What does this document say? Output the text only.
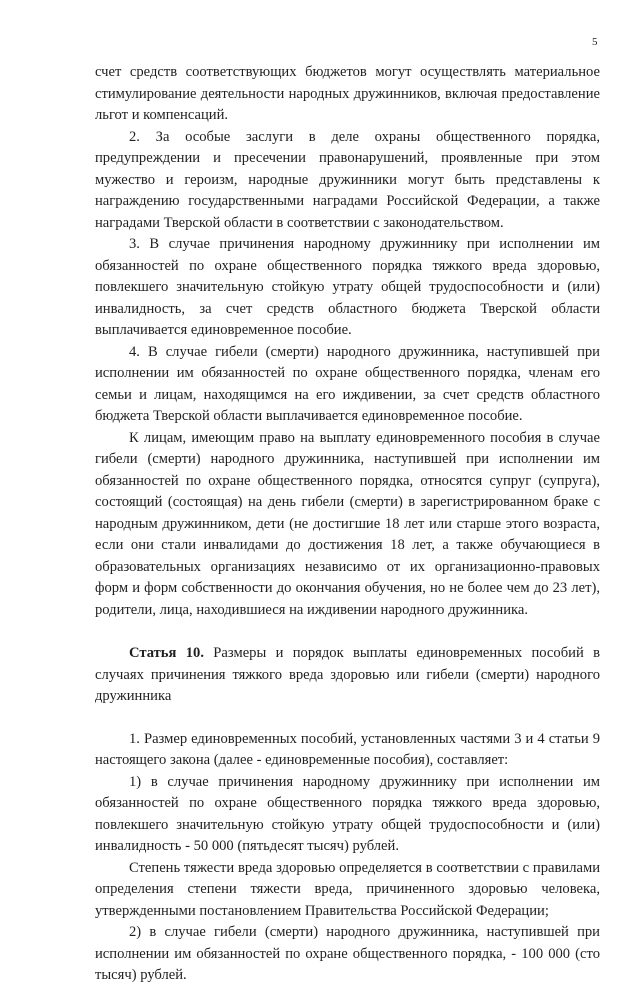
5

счет средств соответствующих бюджетов могут осуществлять материальное стимулирование деятельности народных дружинников, включая предоставление льгот и компенсаций.

2. За особые заслуги в деле охраны общественного порядка, предупреждении и пресечении правонарушений, проявленные при этом мужество и героизм, народные дружинники могут быть представлены к награждению государственными наградами Российской Федерации, а также наградами Тверской области в соответствии с законодательством.

3. В случае причинения народному дружиннику при исполнении им обязанностей по охране общественного порядка тяжкого вреда здоровью, повлекшего значительную стойкую утрату общей трудоспособности и (или) инвалидность, за счет средств областного бюджета Тверской области выплачивается единовременное пособие.

4. В случае гибели (смерти) народного дружинника, наступившей при исполнении им обязанностей по охране общественного порядка, членам его семьи и лицам, находящимся на его иждивении, за счет средств областного бюджета Тверской области выплачивается единовременное пособие.

К лицам, имеющим право на выплату единовременного пособия в случае гибели (смерти) народного дружинника, наступившей при исполнении им обязанностей по охране общественного порядка, относятся супруг (супруга), состоящий (состоящая) на день гибели (смерти) в зарегистрированном браке с народным дружинником, дети (не достигшие 18 лет или старше этого возраста, если они стали инвалидами до достижения 18 лет, а также обучающиеся в образовательных организациях независимо от их организационно-правовых форм и форм собственности до окончания обучения, но не более чем до 23 лет), родители, лица, находившиеся на иждивении народного дружинника.

Статья 10. Размеры и порядок выплаты единовременных пособий в случаях причинения тяжкого вреда здоровью или гибели (смерти) народного дружинника

1. Размер единовременных пособий, установленных частями 3 и 4 статьи 9 настоящего закона (далее - единовременные пособия), составляет:

1) в случае причинения народному дружиннику при исполнении им обязанностей по охране общественного порядка тяжкого вреда здоровью, повлекшего значительную стойкую утрату общей трудоспособности и (или) инвалидность - 50 000 (пятьдесят тысяч) рублей.

Степень тяжести вреда здоровью определяется в соответствии с правилами определения степени тяжести вреда, причиненного здоровью человека, утвержденными постановлением Правительства Российской Федерации;

2) в случае гибели (смерти) народного дружинника, наступившей при исполнении им обязанностей по охране общественного порядка, - 100 000 (сто тысяч) рублей.
